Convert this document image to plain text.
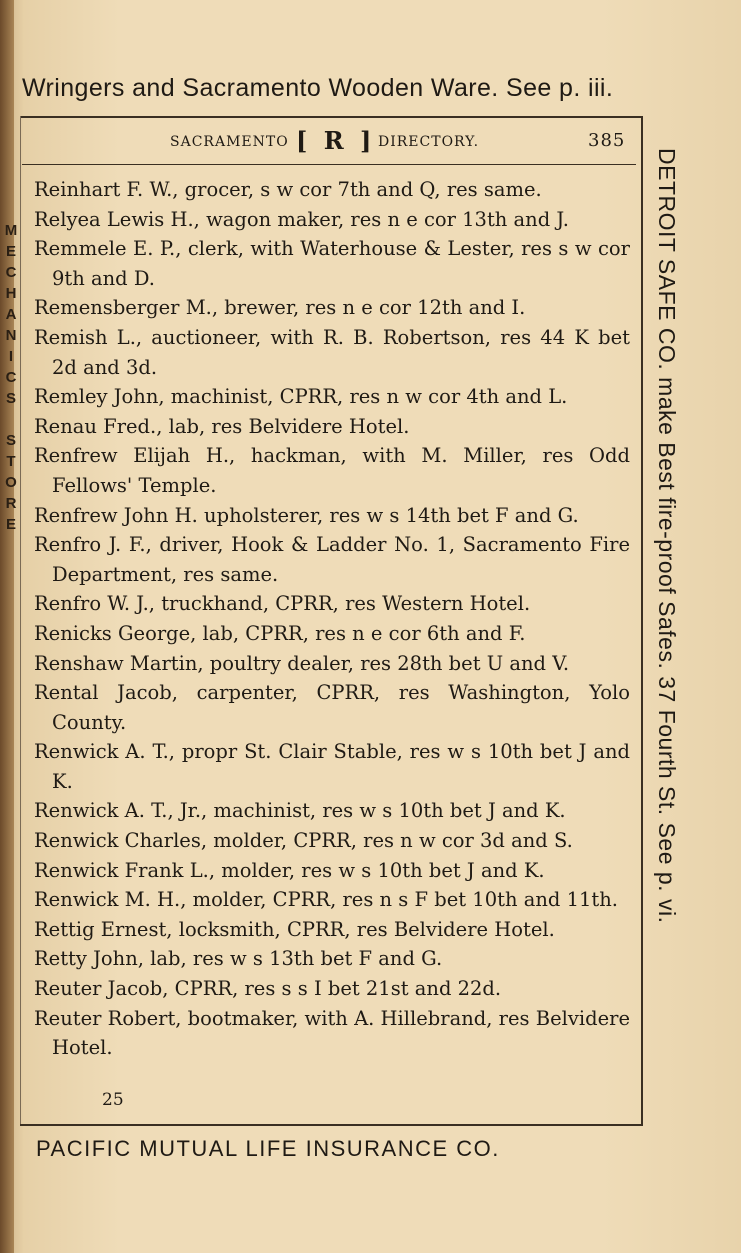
Wringers and Sacramento Wooden Ware. See p. iii.
SACRAMENTO [ R ] DIRECTORY.	385

Reinhart F. W., grocer, s w cor 7th and Q, res same.

Relyea Lewis H., wagon maker, res n e cor 13th and J.

Remmele E. P., clerk, with Waterhouse & Lester, res s w cor 9th and D.

Remensberger M., brewer, res n e cor 12th and I.

Remish L., auctioneer, with R. B. Robertson, res 44 K bet 2d and 3d.

Remley John, machinist, CPRR, res n w cor 4th and L.

Renau Fred., lab, res Belvidere Hotel.

Renfrew Elijah H., hackman, with M. Miller, res Odd Fellows' Temple.

Renfrew John H. upholsterer, res w s 14th bet F and G.

Renfro J. F., driver, Hook & Ladder No. 1, Sacramento Fire Department, res same.

Renfro W. J., truckhand, CPRR, res Western Hotel.

Renicks George, lab, CPRR, res n e cor 6th and F.

Renshaw Martin, poultry dealer, res 28th bet U and V.

Rental Jacob, carpenter, CPRR, res Washington, Yolo County.

Renwick A. T., propr St. Clair Stable, res w s 10th bet J and K.

Renwick A. T., Jr., machinist, res w s 10th bet J and K.

Renwick Charles, molder, CPRR, res n w cor 3d and S.

Renwick Frank L., molder, res w s 10th bet J and K.

Renwick M. H., molder, CPRR, res n s F bet 10th and 11th.

Rettig Ernest, locksmith, CPRR, res Belvidere Hotel.

Retty John, lab, res w s 13th bet F and G.

Reuter Jacob, CPRR, res s s I bet 21st and 22d.

Reuter Robert, bootmaker, with A. Hillebrand, res Belvidere Hotel.

25
PACIFIC MUTUAL LIFE INSURANCE CO.
DETROIT SAFE CO. make Best fire-proof Safes. 37 Fourth St. See p. vi.
M
E
C
H
A
N
I
C
S
S
T
O
R
E
